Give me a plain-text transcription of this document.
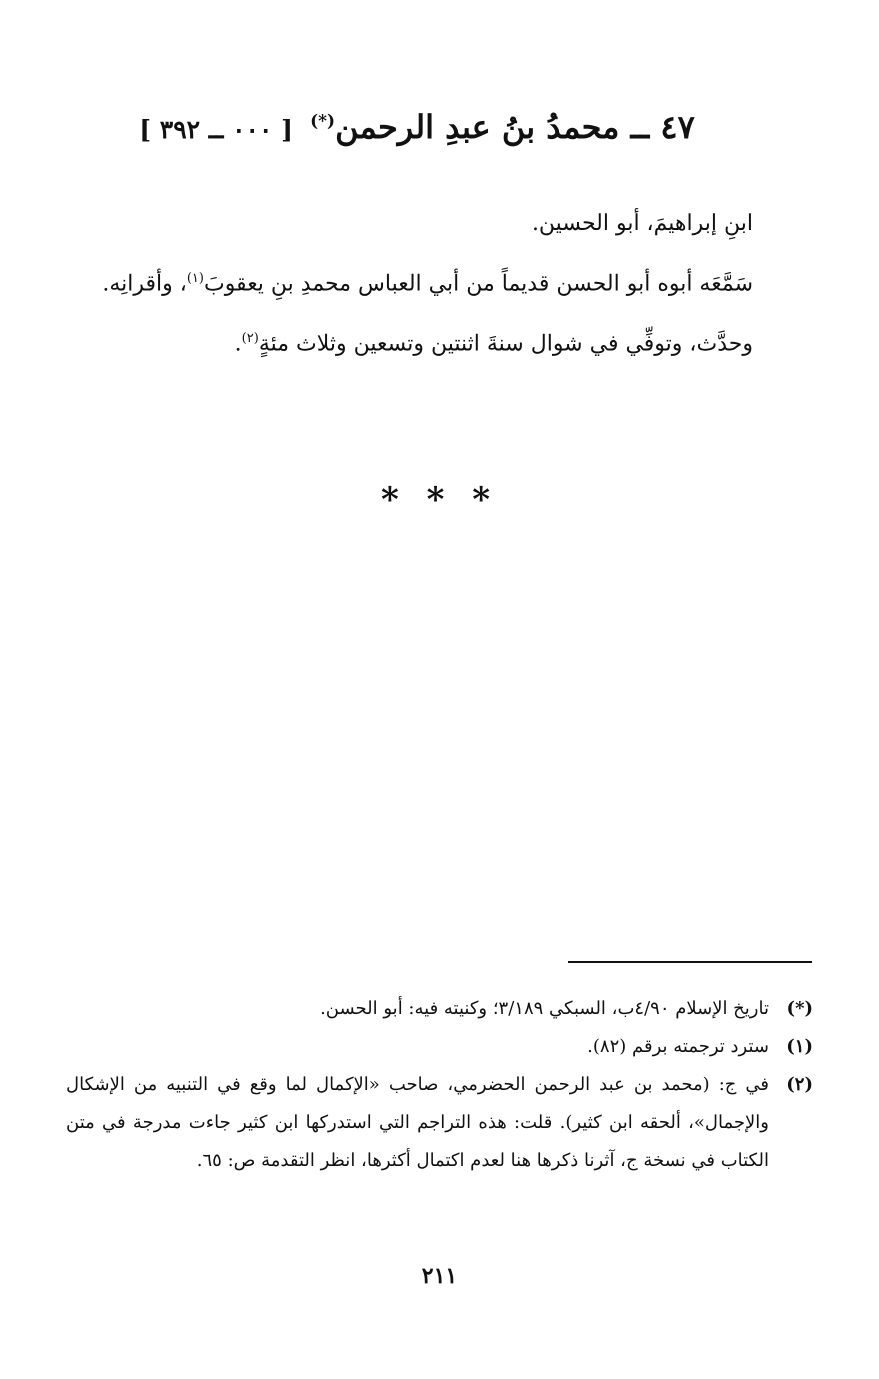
٤٧ ــ محمدُ بنُ عبدِ الرحمن(*) [ ٠٠٠ ــ ٣٩٢ ]

ابنِ إبراهيمَ، أبو الحسين.

سَمَّعَه أبوه أبو الحسن قديماً من أبي العباس محمدِ بنِ يعقوبَ$^{(١)}$، وأقرانِه.

وحدَّث، وتوفِّي في شوال سنةَ اثنتين وتسعين وثلاث مئةٍ$^{(٢)}$.

* * *
(*)
تاريخ الإسلام ٤/٩٠ب، السبكي ٣/١٨٩؛ وكنيته فيه: أبو الحسن.
(١)
سترد ترجمته برقم (٨٢).
(٢)
في ج: (محمد بن عبد الرحمن الحضرمي، صاحب «الإكمال لما وقع في التنبيه من الإشكال والإجمال»، ألحقه ابن كثير). قلت: هذه التراجم التي استدركها ابن كثير جاءت مدرجة في متن الكتاب في نسخة ج، آثرنا ذكرها هنا لعدم اكتمال أكثرها، انظر التقدمة ص: ٦٥.
٢١١
